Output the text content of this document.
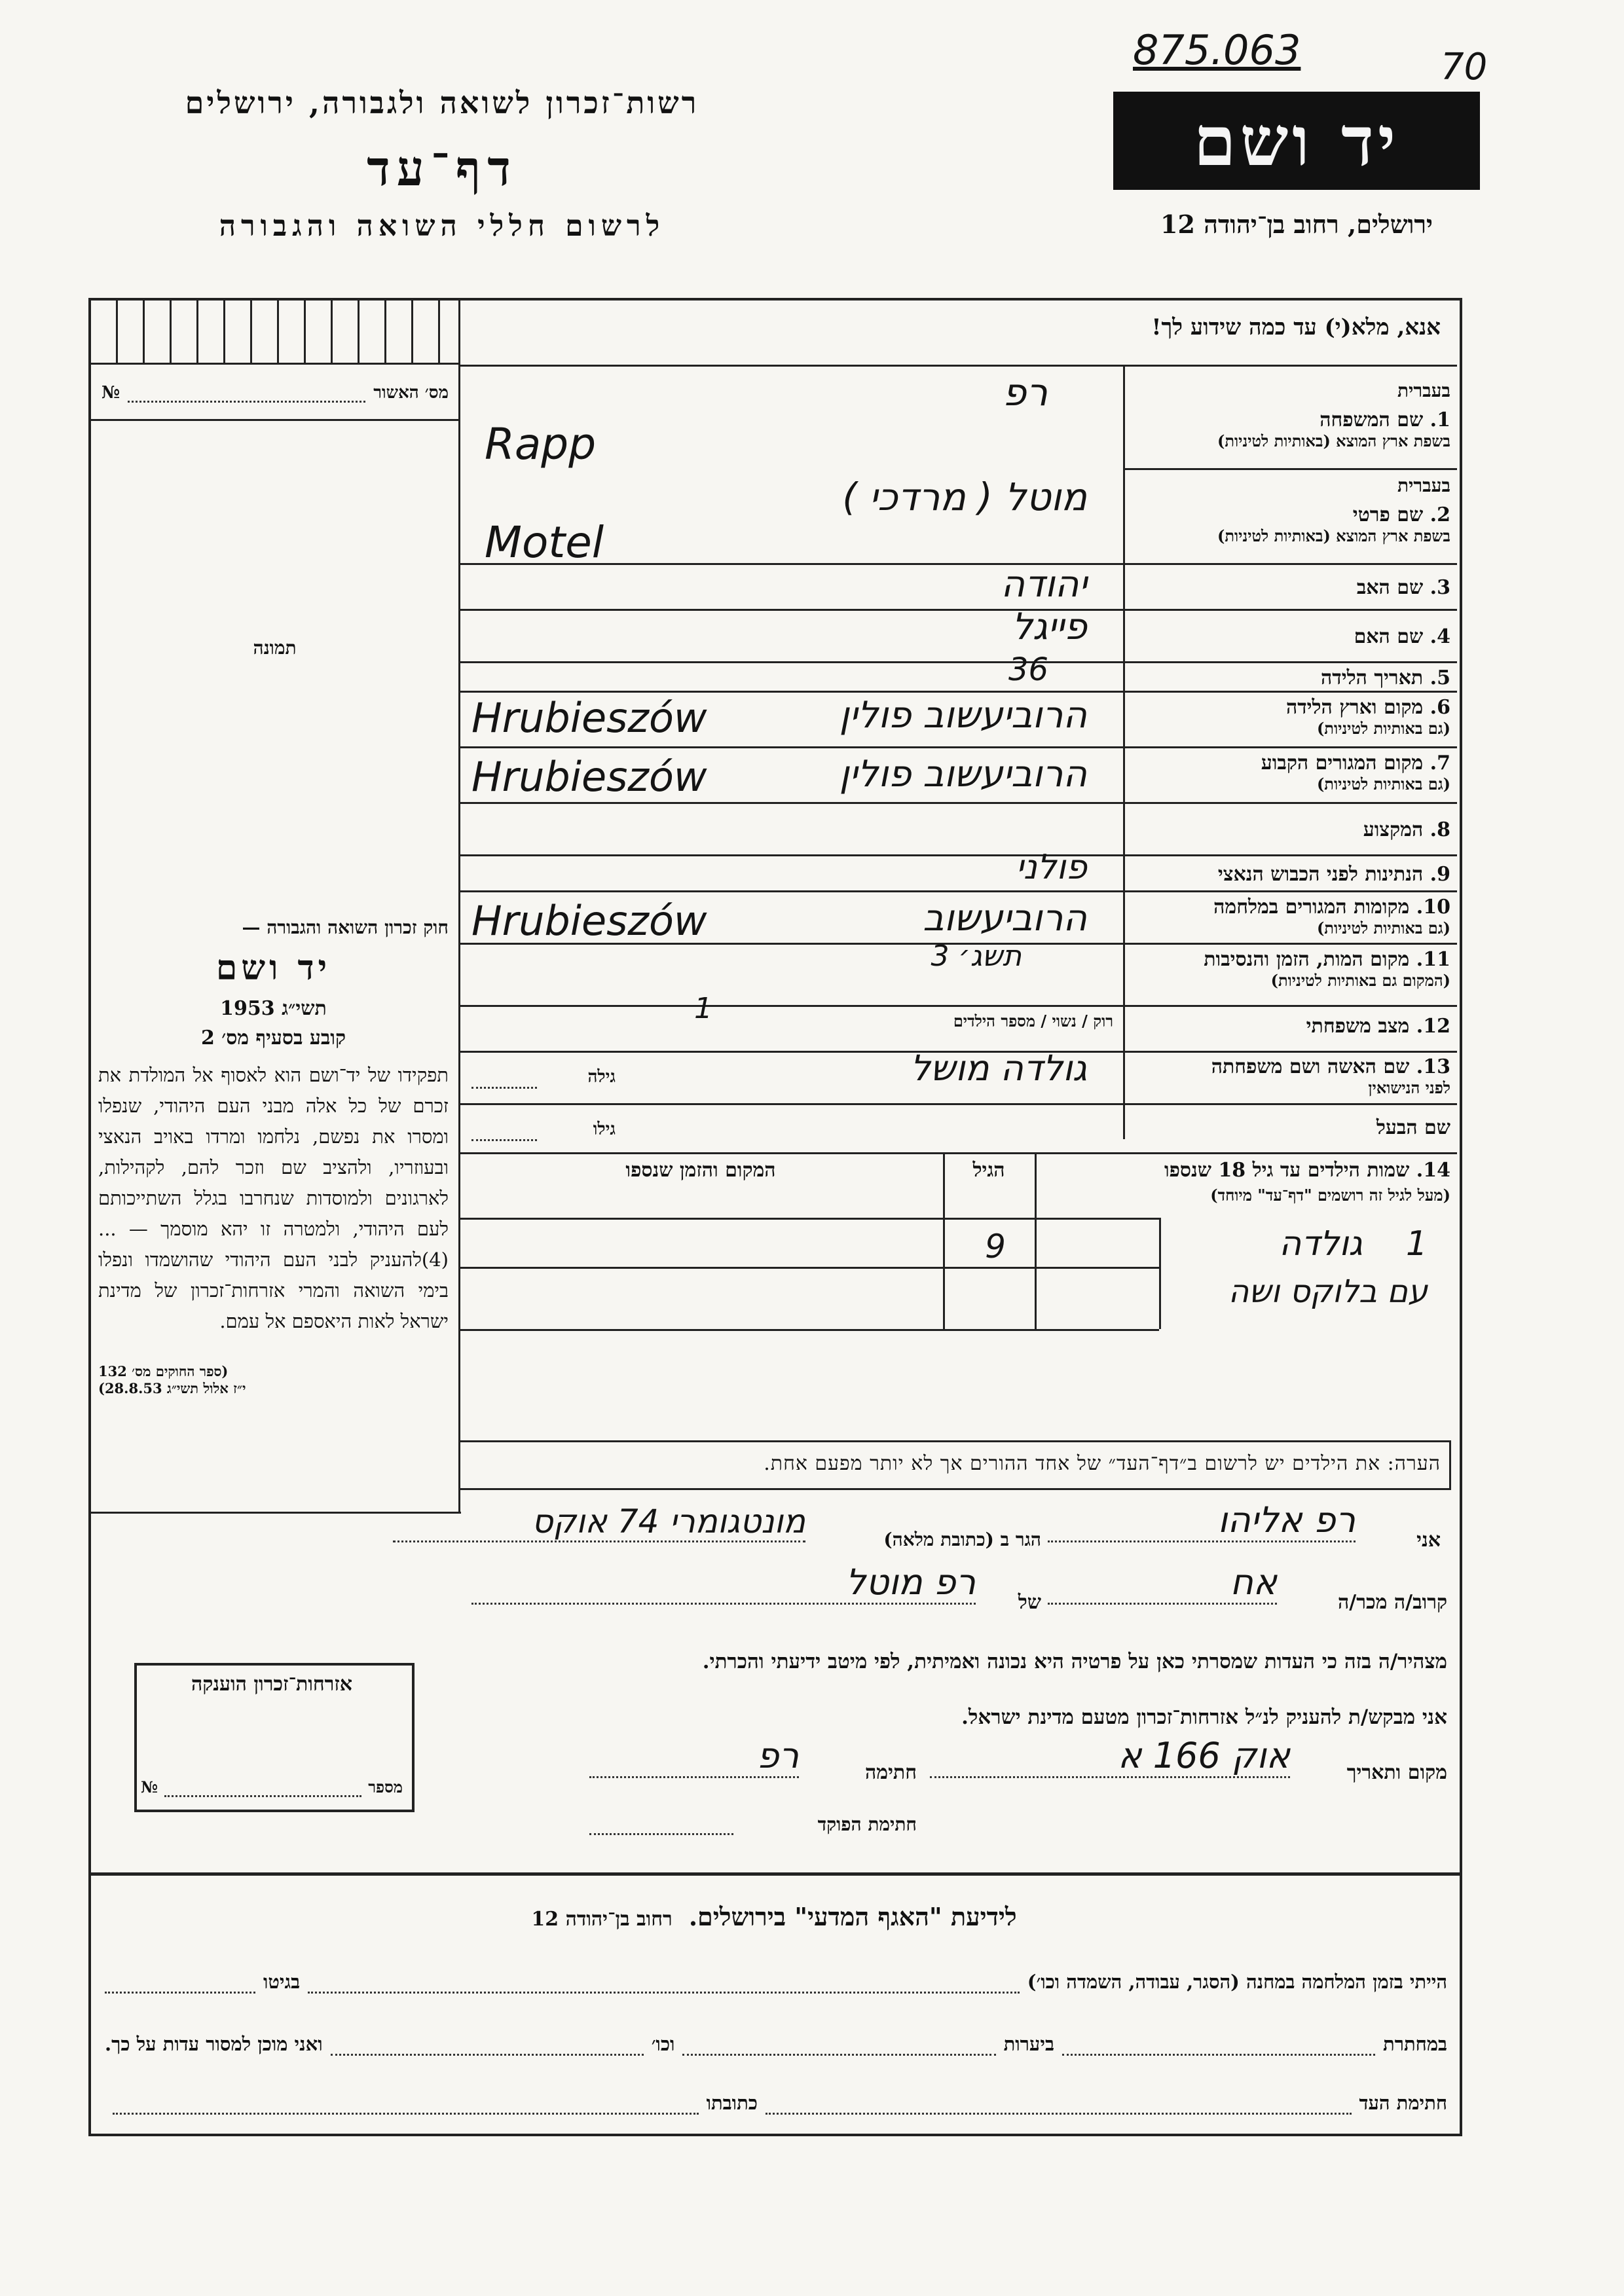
875.063	70
רשות־זכרון לשואה ולגבורה, ירושלים
דף־עד
לרשום חללי השואה והגבורה
יד ושם
ירושלים, רחוב בן־יהודה 12
אנא, מלא(י) עד כמה שידוע לך!
מס׳ האשור
№
תמונה
חוק זכרון השואה והגבורה —
יד ושם
תשי״ג 1953
קובע בסעיף מס׳ 2
תפקידו של יד־ושם הוא לאסוף אל המולדת את זכרם של כל אלה מבני העם היהודי, שנפלו ומסרו את נפשם, נלחמו ומרדו באויב הנאצי ובעוזריו, ולהציב שם וזכר להם, לקהילות, לארגונים ולמוסדות שנחרבו בגלל השתייכותם לעם היהודי, ולמטרה זו יהא מוסמך — ...(4)להעניק לבני העם היהודי שהושמדו ונפלו בימי השואה והמרי אזרחות־זכרון של מדינת ישראל לאות היאספם אל עמם.
(ספר החוקים מס׳ 132
י״ז אלול תשי״ג 28.8.53)
בעברית
1. שם המשפחה
בשפת ארץ המוצא (באותיות לטיניות)
רפ
Rapp
בעברית
2. שם פרטי
בשפת ארץ המוצא (באותיות לטיניות)
מוטל ( מרדכי )
Motel
3. שם האב
יהודה
4. שם האם
פייגל
5. תאריך הלידה
36
6. מקום וארץ הלידה
(גם באותיות לטיניות)
הרוביעשוב פולין
Hrubieszów
7. מקום המגורים הקבוע
(גם באותיות לטיניות)
הרוביעשוב פולין
Hrubieszów
8. המקצוע
9. הנתינות לפני הכבוש הנאצי
פולני
10. מקומות המגורים במלחמה
(גם באותיות לטיניות)
הרוביעשוב
Hrubieszów
11. מקום המות, הזמן והנסיבות
(המקום גם באותיות לטיניות)
תשג׳ 3
12. מצב משפחתי
רוק / נשוי / מספר הילדים
1
13. שם האשה ושם משפחתה
לפני הנישואין
גולדה מושל
גילה
שם הבעל
גילו
14. שמות הילדים עד גיל 18 שנספו
(מעל לגיל זה רושמים "דף־עד" מיוחד)
הגיל
המקום והזמן שנספו
1    גולדה
9
עם בלוקס ושה
הערה: את הילדים יש לרשום ב״דף־העד״ של אחד ההורים אך לא יותר מפעם אחת.
אני
רפ אליהו
הגר ב (כתובת מלאה)
מונטגומרי 74 אוקס
קרוב/ה מכר/ה
אח
של
רפ מוטל
מצהיר/ה בזה כי העדות שמסרתי כאן על פרטיה היא נכונה ואמיתית, לפי מיטב ידיעתי והכרתי.
אני מבקש/ת להעניק לנ״ל אזרחות־זכרון מטעם מדינת ישראל.
מקום ותאריך
אוק 166 א
חתימה
רפ
חתימת הפוקד
אזרחות־זכרון הוענקה
מספר
№
לידיעת "האגף המדעי" בירושלים. רחוב בן־יהודה 12
הייתי בזמן המלחמה במחנה (הסגר, עבודה, השמדה וכו׳)
בגיטו
במחתרת
ביערות
וכו׳
ואני מוכן למסור עדות על כך.
חתימת העד
כתובתו
